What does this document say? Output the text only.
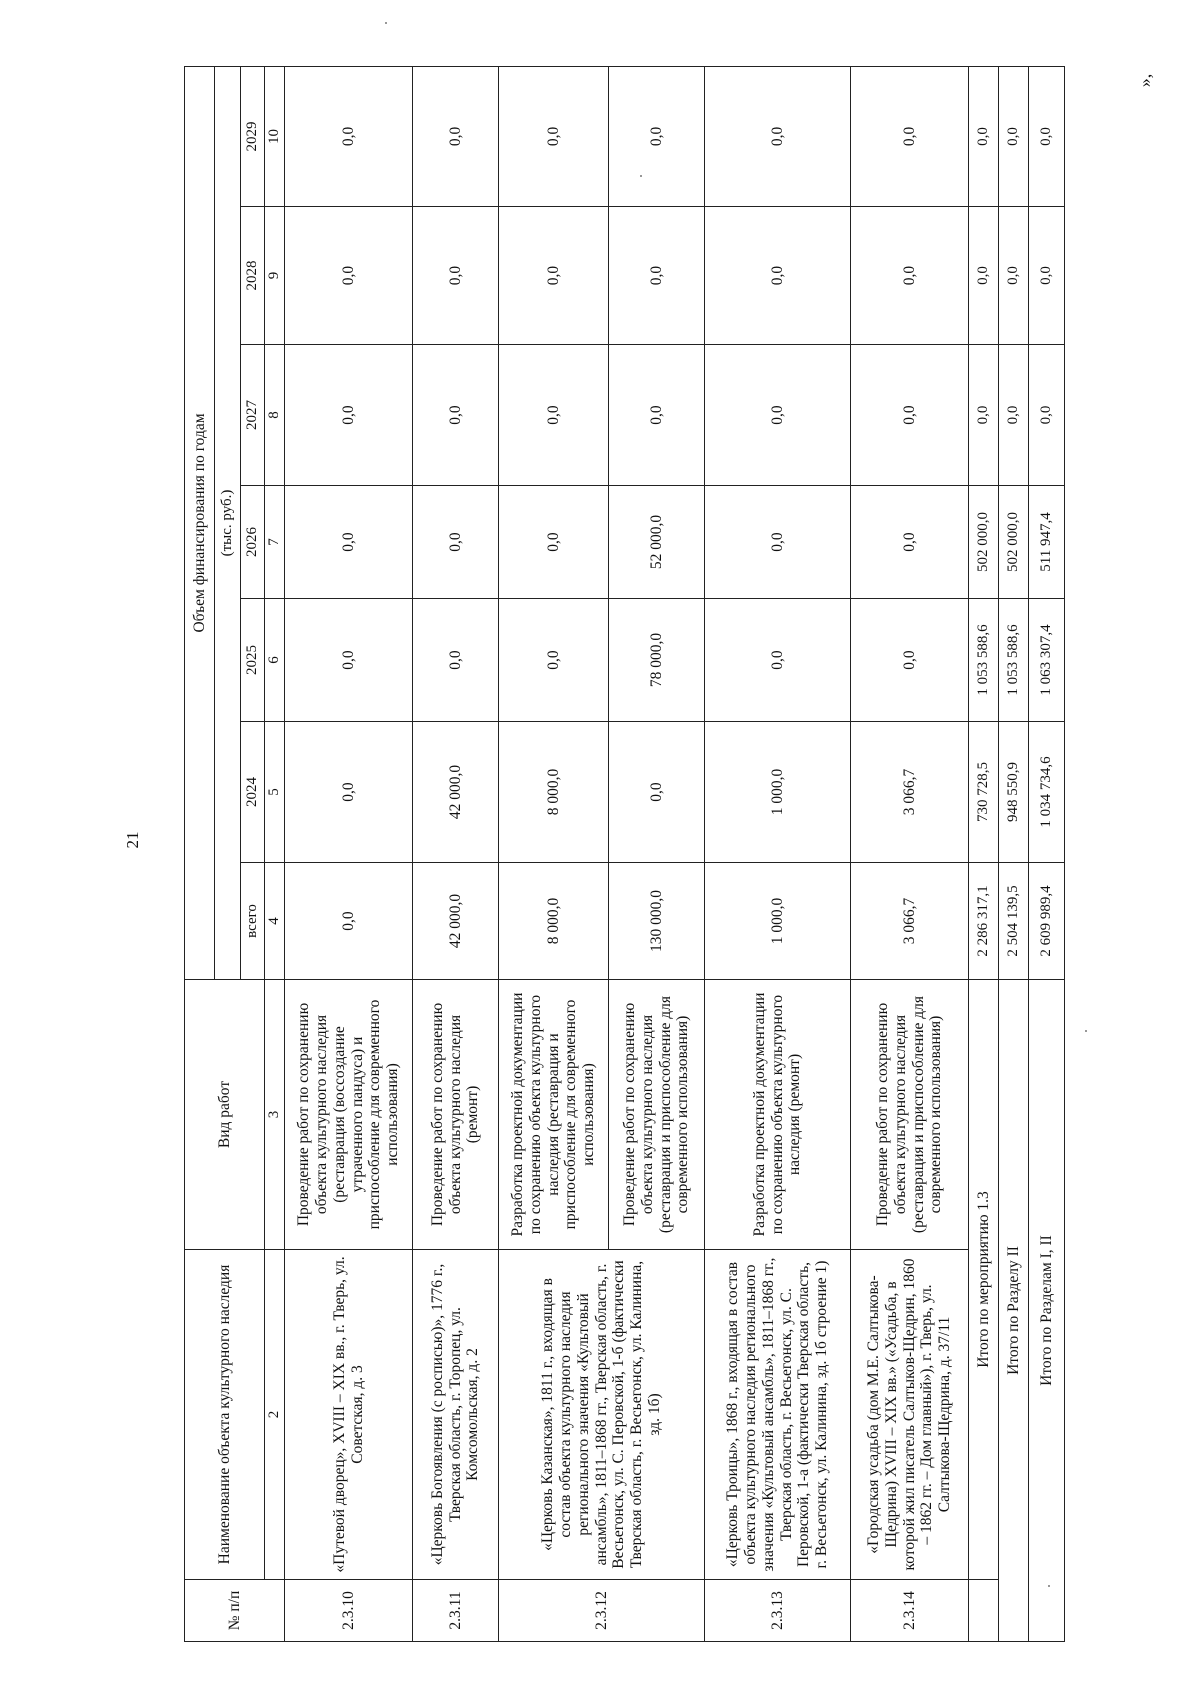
21
»,
№ п/п	Наименование объекта культурного наследия	Вид работ	Объем финансирования по годам						
			(тыс. руб.)						
			всего	2024	2025	2026	2027	2028	2029
	2	3	4	5	6	7	8	9	10
2.3.10	«Путевой дворец», XVIII – XIX вв., г. Тверь, ул. Советская, д. 3	Проведение работ по сохранению объекта культурного наследия (реставрация (воссоздание утраченного пандуса) и приспособление для современного использования)	0,0	0,0	0,0	0,0	0,0	0,0	0,0
2.3.11	«Церковь Богоявления (с росписью)», 1776 г., Тверская область, г. Торопец, ул. Комсомольская, д. 2	Проведение работ по сохранению объекта культурного наследия (ремонт)	42 000,0	42 000,0	0,0	0,0	0,0	0,0	0,0
2.3.12	«Церковь Казанская», 1811 г., входящая в состав объекта культурного наследия регионального значения «Культовый ансамбль», 1811–1868 гг., Тверская область, г. Весьегонск, ул. С. Перовской, 1-б (фактически Тверская область, г. Весьегонск, ул. Калинина, зд. 1б)	Разработка проектной документации по сохранению объекта культурного наследия (реставрация и приспособление для современного использования)	8 000,0	8 000,0	0,0	0,0	0,0	0,0	0,0
		Проведение работ по сохранению объекта культурного наследия (реставрация и приспособление для современного использования)	130 000,0	0,0	78 000,0	52 000,0	0,0	0,0	0,0
2.3.13	«Церковь Троицы», 1868 г., входящая в состав объекта культурного наследия регионального значения «Культовый ансамбль», 1811–1868 гг., Тверская область, г. Весьегонск, ул. С. Перовской, 1-а (фактически Тверская область, г. Весьегонск, ул. Калинина, зд. 1б строение 1)	Разработка проектной документации по сохранению объекта культурного наследия (ремонт)	1 000,0	1 000,0	0,0	0,0	0,0	0,0	0,0
2.3.14	«Городская усадьба (дом М.Е. Салтыкова-Щедрина) XVIII – XIX вв.» («Усадьба, в которой жил писатель Салтыков-Щедрин, 1860 – 1862 гг. – Дом главный»), г. Тверь, ул. Салтыкова-Щедрина, д. 37/11	Проведение работ по сохранению объекта культурного наследия (реставрация и приспособление для современного использования)	3 066,7	3 066,7	0,0	0,0	0,0	0,0	0,0
	Итого по мероприятию 1.3		2 286 317,1	730 728,5	1 053 588,6	502 000,0	0,0	0,0	0,0
Итого по Разделу II			2 504 139,5	948 550,9	1 053 588,6	502 000,0	0,0	0,0	0,0
Итого по Разделам I, II			2 609 989,4	1 034 734,6	1 063 307,4	511 947,4	0,0	0,0	0,0
